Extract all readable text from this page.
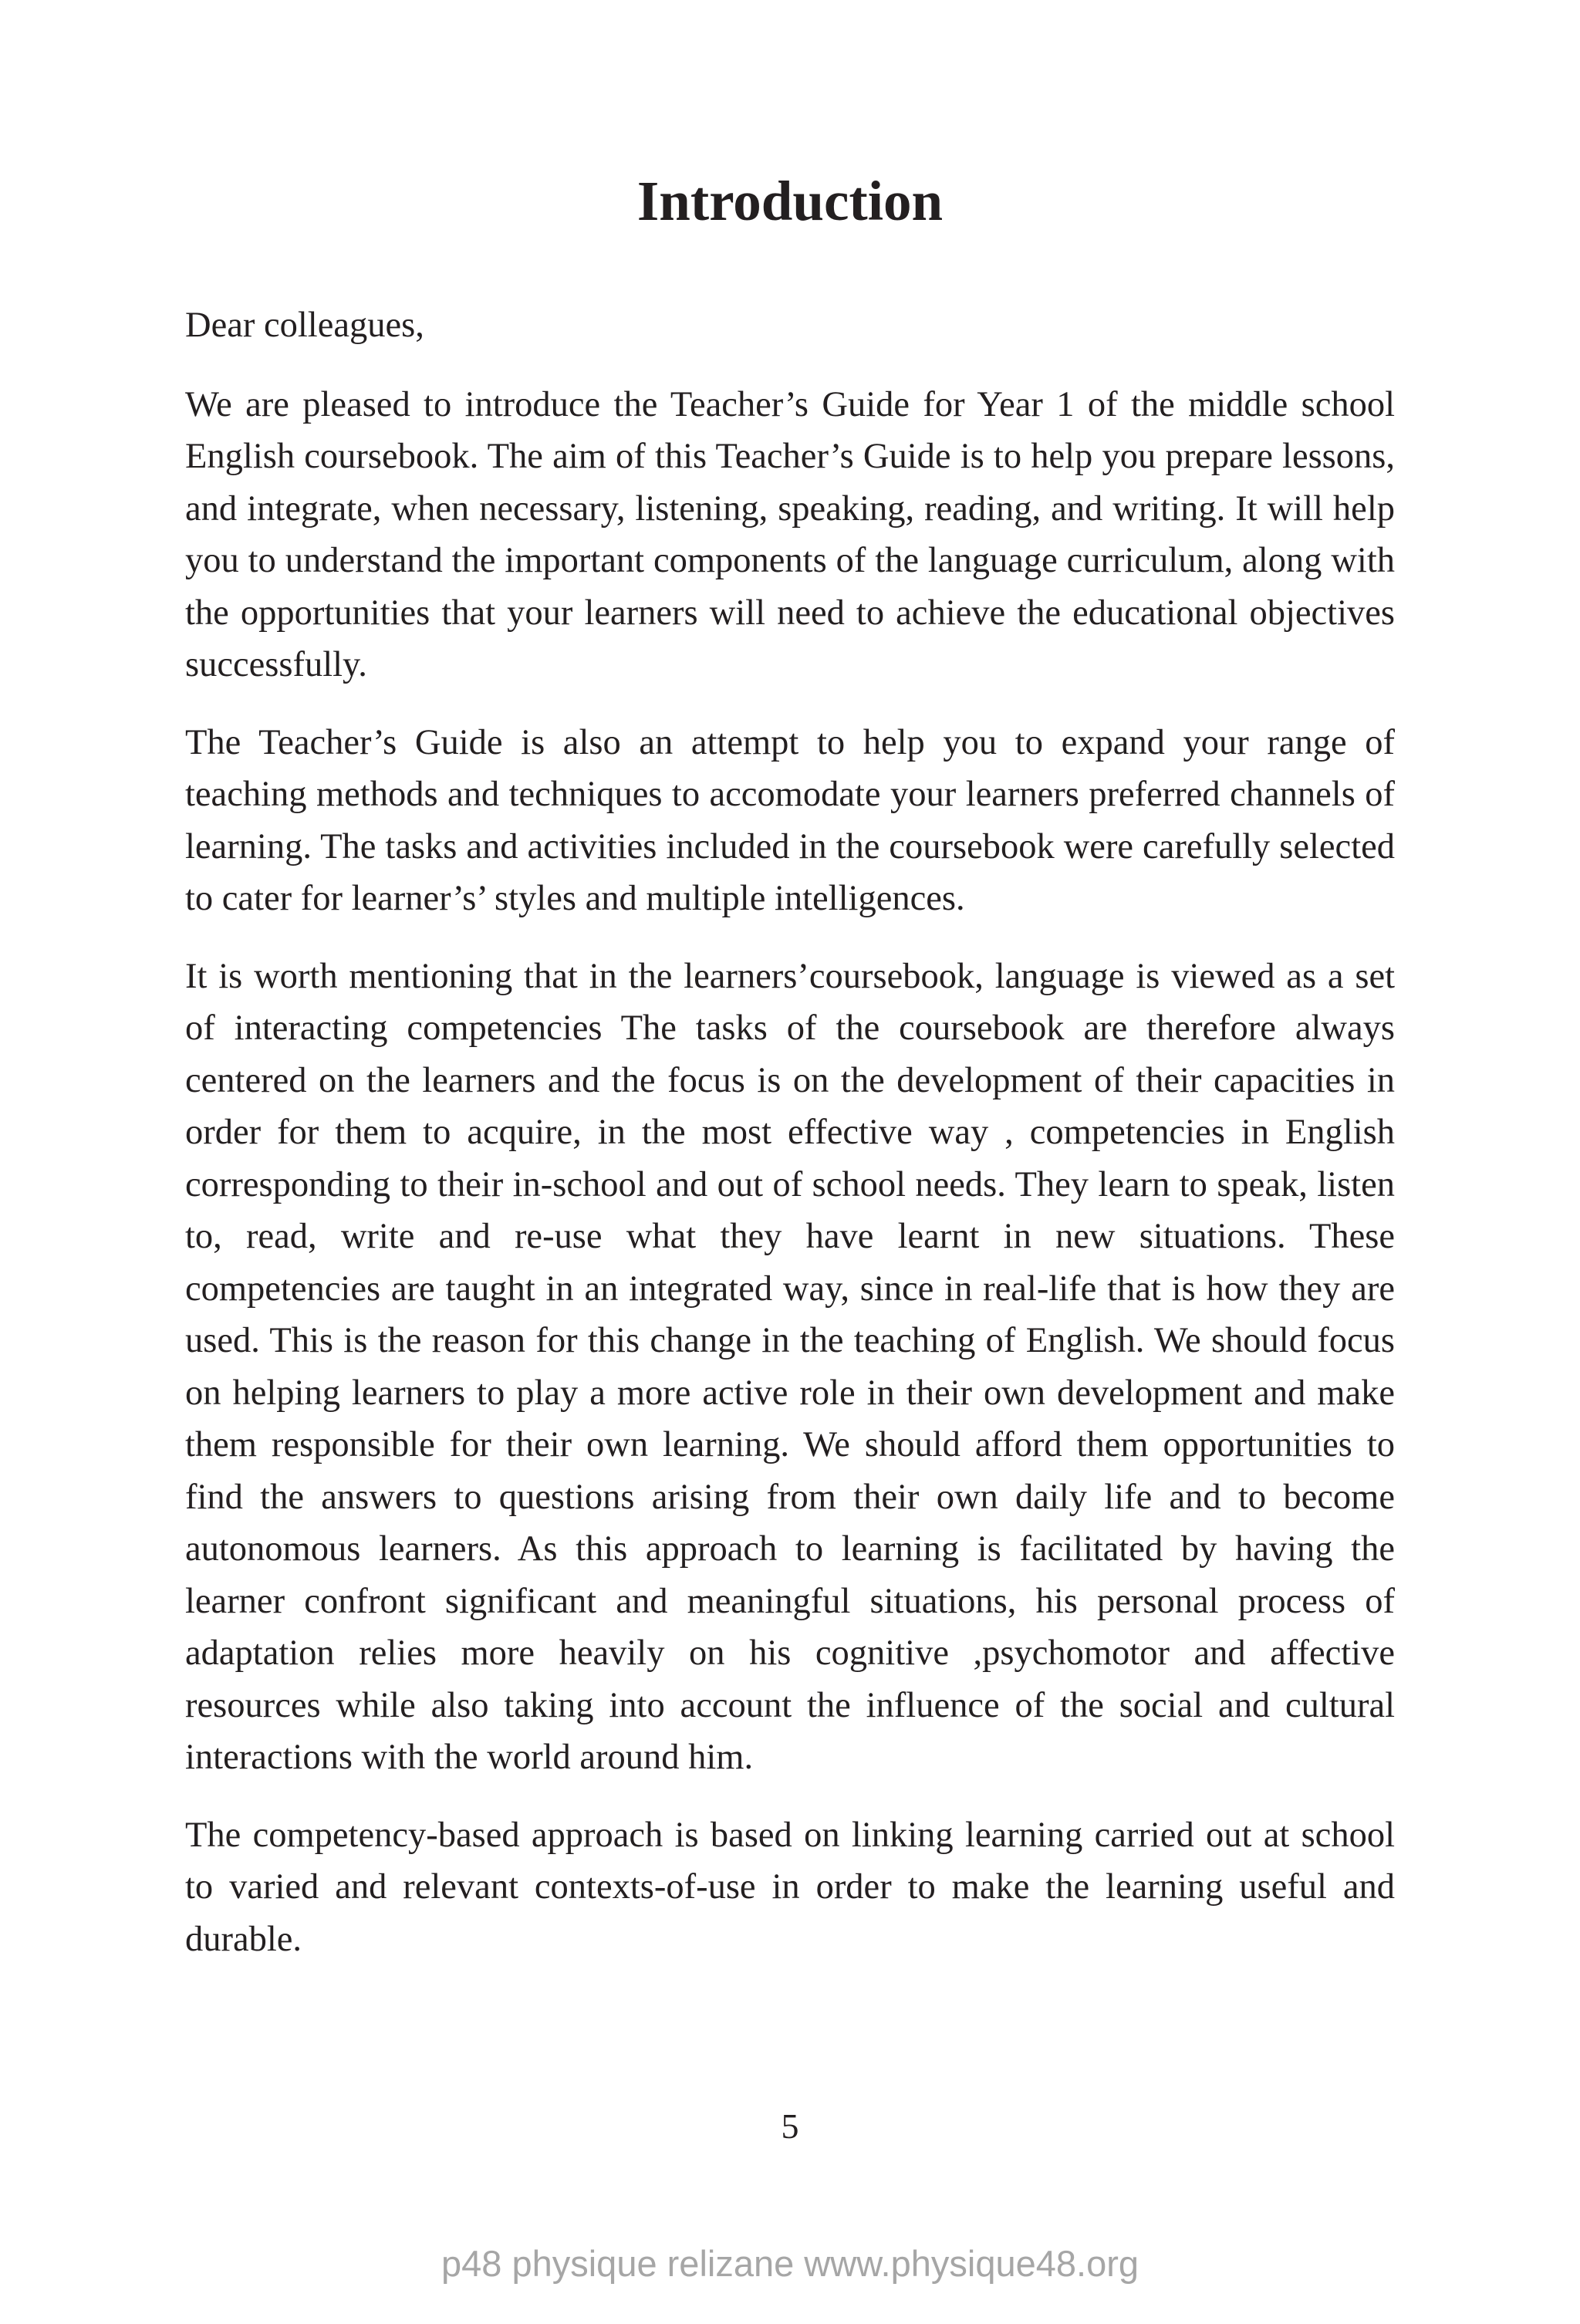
Introduction

Dear colleagues,

We are pleased to introduce the Teacher’s Guide for Year 1 of the middle school English coursebook. The aim of this Teacher’s Guide is to help you prepare lessons, and integrate, when necessary, listening, speaking, reading, and writing. It will help you to understand the important components of the language curriculum, along with the opportunities that your learners will need to achieve the educational objectives successfully.

The Teacher’s Guide is also an attempt to help you to expand your range of teaching methods and techniques to accomodate your learners preferred channels of learning. The tasks and activities included in the coursebook were carefully selected to cater for learner’s’ styles and multiple intelligences.

It is worth mentioning that in the learners’coursebook, language is viewed as a set of interacting competencies The tasks of the coursebook are therefore always centered on the learners and the focus is on the development of their capacities in order for them to acquire, in the most effective way , competencies in English corresponding to their in-school and out of school needs. They learn to speak, listen to, read, write and re-use what they have learnt in new situations. These competencies are taught in an integrated way, since in real-life that is how they are used. This is the reason for this change in the teaching of English. We should focus on helping learners to play a more active role in their own development and make them responsible for their own learning. We should afford them opportunities to find the answers to questions arising from their own daily life and to become autonomous learners. As this approach to learning is facilitated by having the learner confront significant and meaningful situations, his personal process of adaptation relies more heavily on his cognitive ,psychomotor and affective resources while also taking into account the influence of the social and cultural interactions with the world around him.

The competency-based approach is based on linking learning carried out at school to varied and relevant contexts-of-use in order to make the learning useful and durable.

5
p48 physique relizane www.physique48.org
